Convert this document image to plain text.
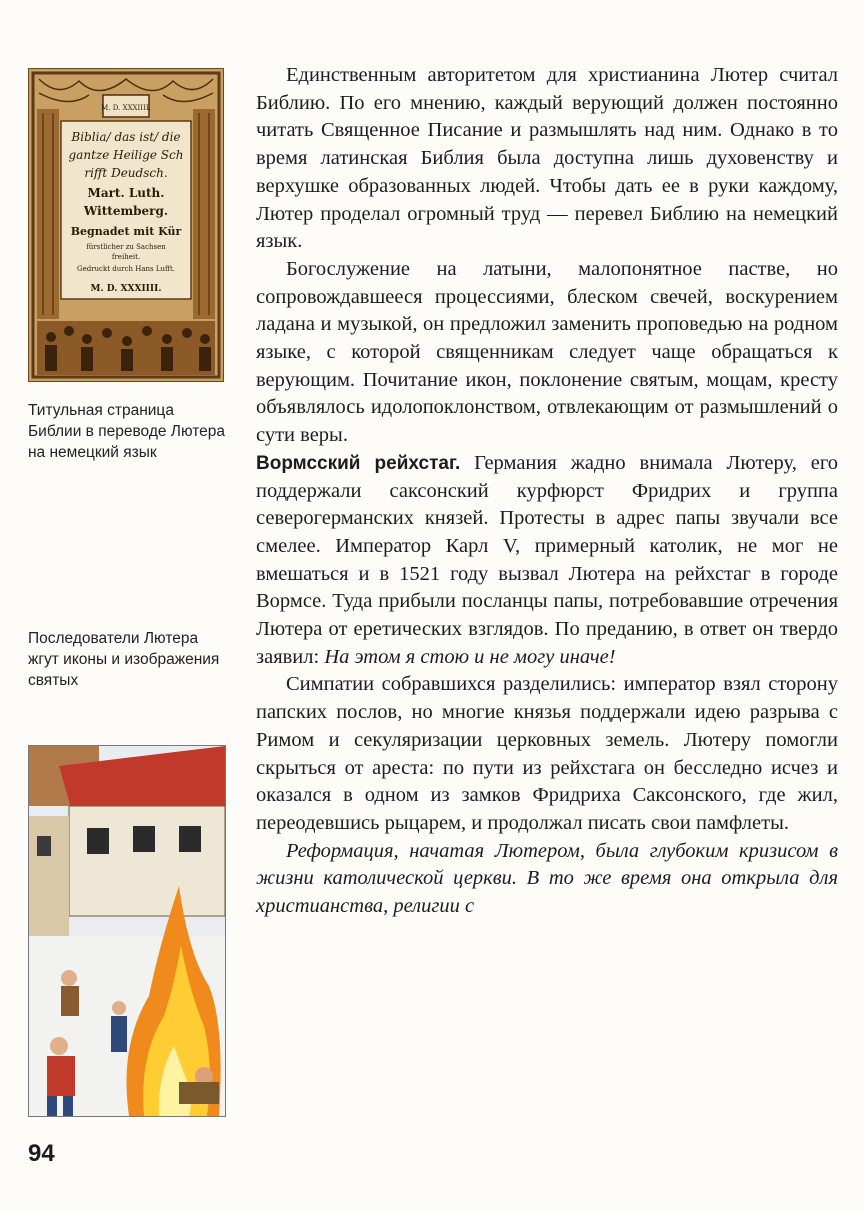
M. D. XXXIIII.
Biblia/ das ist/ die
gantze Heilige Sch
rifft Deudsch.
Mart. Luth.
Wittemberg.
Begnadet mit Kür
fürstlicher zu Sachsen
freiheit.
Gedruckt durch Hans Lufft.
M. D. XXXIIII.
Титульная страница Библии в переводе Лютера на немецкий язык
Последователи Лютера жгут иконы и изображения святых

Единственным авторитетом для христианина Лютер считал Библию. По его мнению, каждый верующий должен постоянно читать Священное Писание и размышлять над ним. Однако в то время латинская Библия была доступна лишь духовенству и верхушке образованных людей. Чтобы дать ее в руки каждому, Лютер проделал огромный труд — перевел Библию на немецкий язык.

Богослужение на латыни, малопонятное пастве, но сопровождавшееся процессиями, блеском свечей, воскурением ладана и музыкой, он предложил заменить проповедью на родном языке, с которой священникам следует чаще обращаться к верующим. Почитание икон, поклонение святым, мощам, кресту объявлялось идолопоклонством, отвлекающим от размышлений о сути веры.

Вормсский рейхстаг. Германия жадно внимала Лютеру, его поддержали саксонский курфюрст Фридрих и группа северогерманских князей. Протесты в адрес папы звучали все смелее. Император Карл V, примерный католик, не мог не вмешаться и в 1521 году вызвал Лютера на рейхстаг в городе Вормсе. Туда прибыли посланцы папы, потребовавшие отречения Лютера от еретических взглядов. По преданию, в ответ он твердо заявил: На этом я стою и не могу иначе!

Симпатии собравшихся разделились: император взял сторону папских послов, но многие князья поддержали идею разрыва с Римом и секуляризации церковных земель. Лютеру помогли скрыться от ареста: по пути из рейхстага он бесследно исчез и оказался в одном из замков Фридриха Саксонского, где жил, переодевшись рыцарем, и продолжал писать свои памфлеты.

Реформация, начатая Лютером, была глубоким кризисом в жизни католической церкви. В то же время она открыла для христианства, религии с

94
